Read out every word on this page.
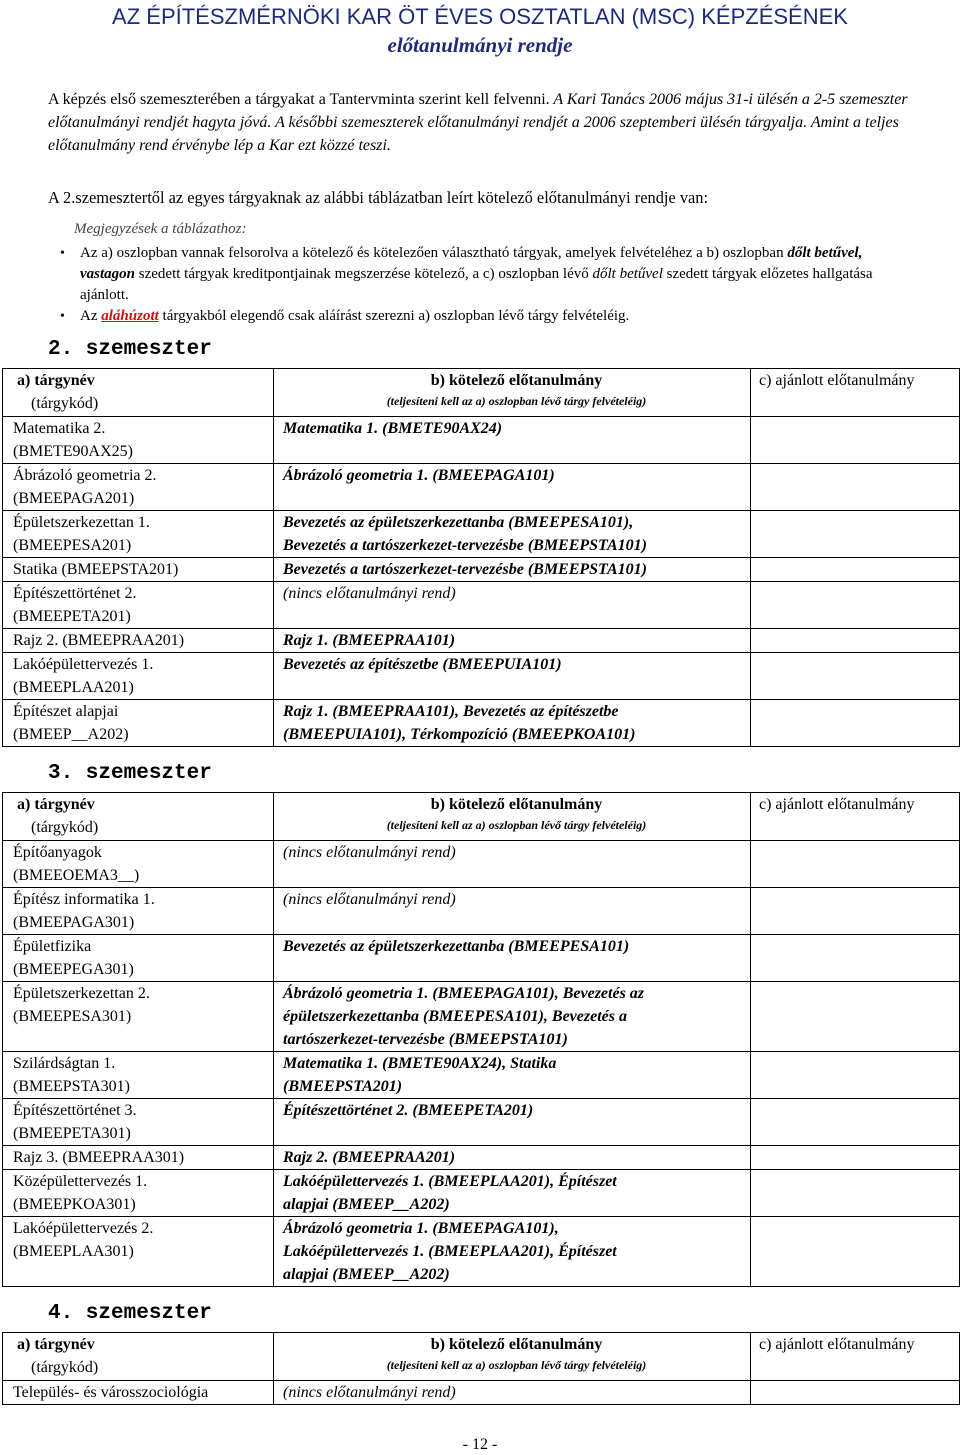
AZ ÉPÍTÉSZMÉRNÖKI KAR ÖT ÉVES OSZTATLAN (MSC) KÉPZÉSÉNEK
előtanulmányi rendje
A képzés első szemeszterében a tárgyakat a Tantervminta szerint kell felvenni. A Kari Tanács 2006 május 31-i ülésén a 2-5 szemeszter előtanulmányi rendjét hagyta jóvá. A későbbi szemeszterek előtanulmányi rendjét a 2006 szeptemberi ülésén tárgyalja. Amint a teljes előtanulmány rend érvénybe lép a Kar ezt közzé teszi.
A 2.szemesztertől az egyes tárgyaknak az alábbi táblázatban leírt kötelező előtanulmányi rendje van:
Megjegyzések a táblázathoz:
• Az a) oszlopban vannak felsorolva a kötelező és kötelezően választható tárgyak, amelyek felvételéhez a b) oszlopban dőlt betűvel, vastagon szedett tárgyak kreditpontjainak megszerzése kötelező, a c) oszlopban lévő dőlt betűvel szedett tárgyak előzetes hallgatása ajánlott.
• Az aláhúzott tárgyakból elegendő csak aláírást szerezni a) oszlopban lévő tárgy felvételéig.
2. szemeszter
a) tárgynév
(tárgykód)	b) kötelező előtanulmány
(teljesíteni kell az a) oszlopban lévő tárgy felvételéig)	c) ajánlott előtanulmány
Matematika 2.
(BMETE90AX25)	Matematika 1. (BMETE90AX24)	
Ábrázoló geometria 2.
(BMEEPAGA201)	Ábrázoló geometria 1. (BMEEPAGA101)	
Épületszerkezettan 1.
(BMEEPESA201)	Bevezetés az épületszerkezettanba (BMEEPESA101),
Bevezetés a tartószerkezet-tervezésbe (BMEEPSTA101)	
Statika (BMEEPSTA201)	Bevezetés a tartószerkezet-tervezésbe (BMEEPSTA101)	
Építészettörténet 2.
(BMEEPETA201)	(nincs előtanulmányi rend)	
Rajz 2. (BMEEPRAA201)	Rajz 1. (BMEEPRAA101)	
Lakóépülettervezés 1.
(BMEEPLAA201)	Bevezetés az építészetbe (BMEEPUIA101)	
Építészet alapjai
(BMEEP__A202)	Rajz 1. (BMEEPRAA101), Bevezetés az építészetbe
(BMEEPUIA101), Térkompozíció (BMEEPKOA101)	
3. szemeszter
a) tárgynév
(tárgykód)	b) kötelező előtanulmány
(teljesíteni kell az a) oszlopban lévő tárgy felvételéig)	c) ajánlott előtanulmány
Építőanyagok
(BMEEOEMA3__)	(nincs előtanulmányi rend)	
Építész informatika 1.
(BMEEPAGA301)	(nincs előtanulmányi rend)	
Épületfizika
(BMEEPEGA301)	Bevezetés az épületszerkezettanba (BMEEPESA101)	
Épületszerkezettan 2.
(BMEEPESA301)	Ábrázoló geometria 1. (BMEEPAGA101), Bevezetés az
épületszerkezettanba (BMEEPESA101), Bevezetés a
tartószerkezet-tervezésbe (BMEEPSTA101)	
Szilárdságtan 1.
(BMEEPSTA301)	Matematika 1. (BMETE90AX24), Statika
(BMEEPSTA201)	
Építészettörténet 3.
(BMEEPETA301)	Építészettörténet 2. (BMEEPETA201)	
Rajz 3. (BMEEPRAA301)	Rajz 2. (BMEEPRAA201)	
Középülettervezés 1.
(BMEEPKOA301)	Lakóépülettervezés 1. (BMEEPLAA201), Építészet
alapjai (BMEEP__A202)	
Lakóépülettervezés 2.
(BMEEPLAA301)	Ábrázoló geometria 1. (BMEEPAGA101),
Lakóépülettervezés 1. (BMEEPLAA201), Építészet
alapjai (BMEEP__A202)	
4. szemeszter
a) tárgynév
(tárgykód)	b) kötelező előtanulmány
(teljesíteni kell az a) oszlopban lévő tárgy felvételéig)	c) ajánlott előtanulmány
Település- és városszociológia	(nincs előtanulmányi rend)	
- 12 -
